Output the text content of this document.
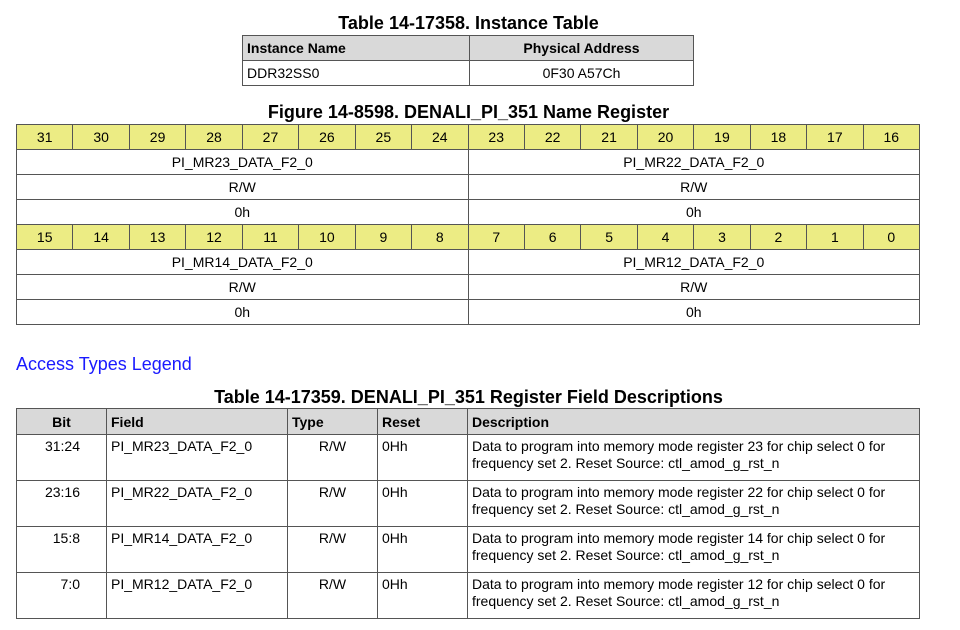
Table 14-17358. Instance Table
Instance Name	Physical Address
DDR32SS0	0F30 A57Ch
Figure 14-8598. DENALI_PI_351 Name Register
31	30	29	28	27	26	25	24	23	22	21	20	19	18	17	16
PI_MR23_DATA_F2_0								PI_MR22_DATA_F2_0							
R/W								R/W							
0h								0h							
15	14	13	12	11	10	9	8	7	6	5	4	3	2	1	0
PI_MR14_DATA_F2_0								PI_MR12_DATA_F2_0							
R/W								R/W							
0h								0h							
Access Types Legend
Table 14-17359. DENALI_PI_351 Register Field Descriptions
Bit	Field	Type	Reset	Description
31:24	PI_MR23_DATA_F2_0	R/W	0Hh	Data to program into memory mode register 23 for chip select 0 for frequency set 2. Reset Source: ctl_amod_g_rst_n
23:16	PI_MR22_DATA_F2_0	R/W	0Hh	Data to program into memory mode register 22 for chip select 0 for frequency set 2. Reset Source: ctl_amod_g_rst_n
15:8	PI_MR14_DATA_F2_0	R/W	0Hh	Data to program into memory mode register 14 for chip select 0 for frequency set 2. Reset Source: ctl_amod_g_rst_n
7:0	PI_MR12_DATA_F2_0	R/W	0Hh	Data to program into memory mode register 12 for chip select 0 for frequency set 2. Reset Source: ctl_amod_g_rst_n
